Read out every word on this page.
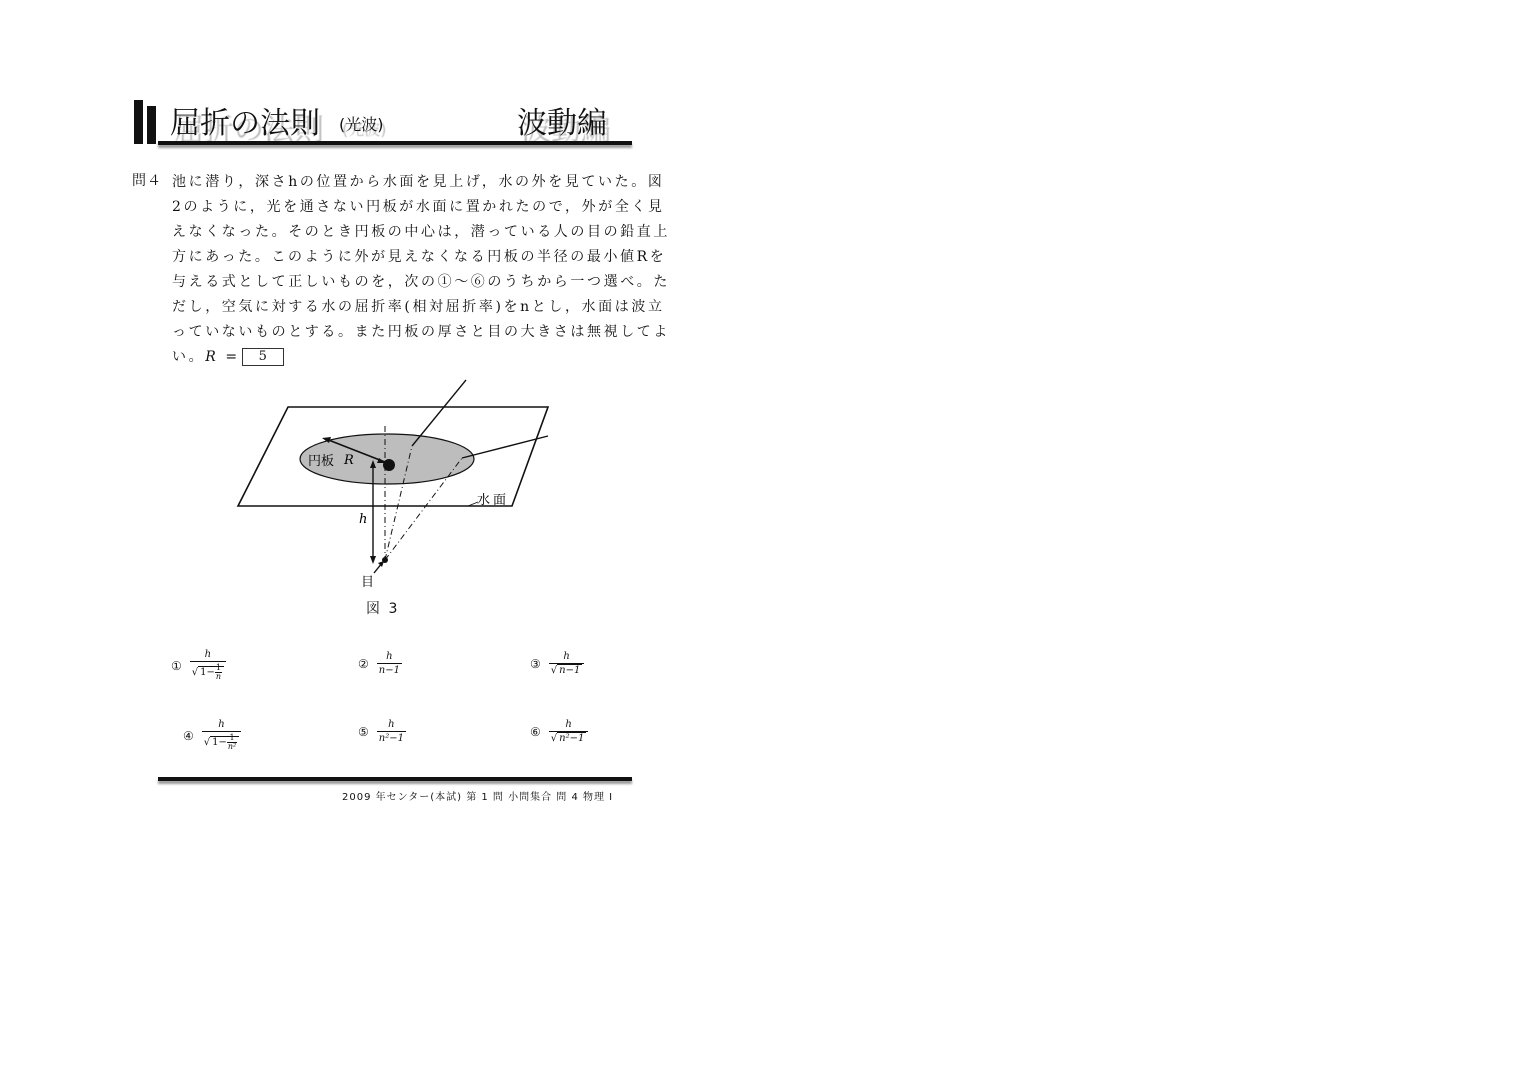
屈折の法則 (光波)	波動編
問４ 池に潜り，深さhの位置から水面を見上げ，水の外を見ていた。図

2のように，光を通さない円板が水面に置かれたので，外が全く見

えなくなった。そのとき円板の中心は，潜っている人の目の鉛直上

方にあった。このように外が見えなくなる円板の半径の最小値Rを

与える式として正しいものを，次の①〜⑥のうちから一つ選べ。た

だし，空気に対する水の屈折率(相対屈折率)をnとし，水面は波立

っていないものとする。また円板の厚さと目の大きさは無視してよ

い。R = 5

円板 R
水面
h
目
図 3
① $\frac{h}{√ 1- \frac{1}{n}}$	② $\frac{h}{n-1}$	③ $\frac{h}{√ n-1}$
④ $\frac{h}{√ 1- \frac{1}{\text{n²}}}$	⑤ $\frac{h}{\text{n²−1}}$	⑥ $\frac{h}{\text{√ n²−1}}$
2009 年センター(本試) 第 1 問 小問集合 問 4 物理 I
